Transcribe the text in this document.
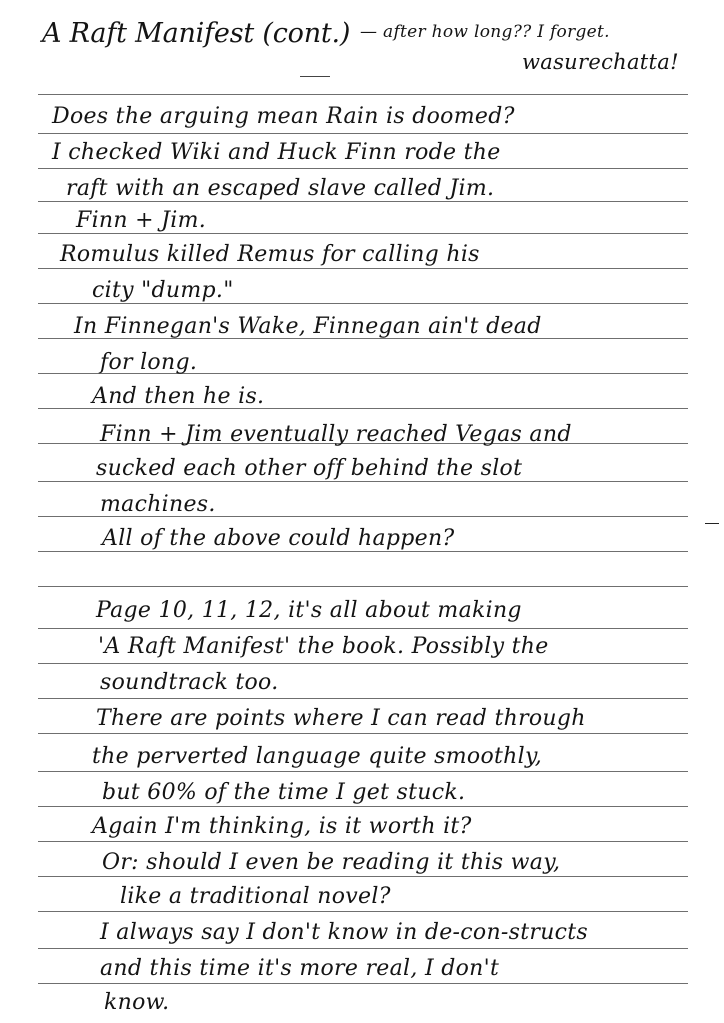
A Raft Manifest (cont.) — after how long?? I forget.
wasurechatta!
Does the arguing mean Rain is doomed?
I checked Wiki and Huck Finn rode the
raft with an escaped slave called Jim.
Finn + Jim.
Romulus killed Remus for calling his
city "dump."
In Finnegan's Wake, Finnegan ain't dead
for long.
And then he is.
Finn + Jim eventually reached Vegas and
sucked each other off behind the slot
machines.
All of the above could happen?
Page 10, 11, 12, it's all about making
'A Raft Manifest' the book. Possibly the
soundtrack too.
There are points where I can read through
the perverted language quite smoothly,
but 60% of the time I get stuck.
Again I'm thinking, is it worth it?
Or: should I even be reading it this way,
like a traditional novel?
I always say I don't know in de-con-structs
and this time it's more real, I don't
know.
